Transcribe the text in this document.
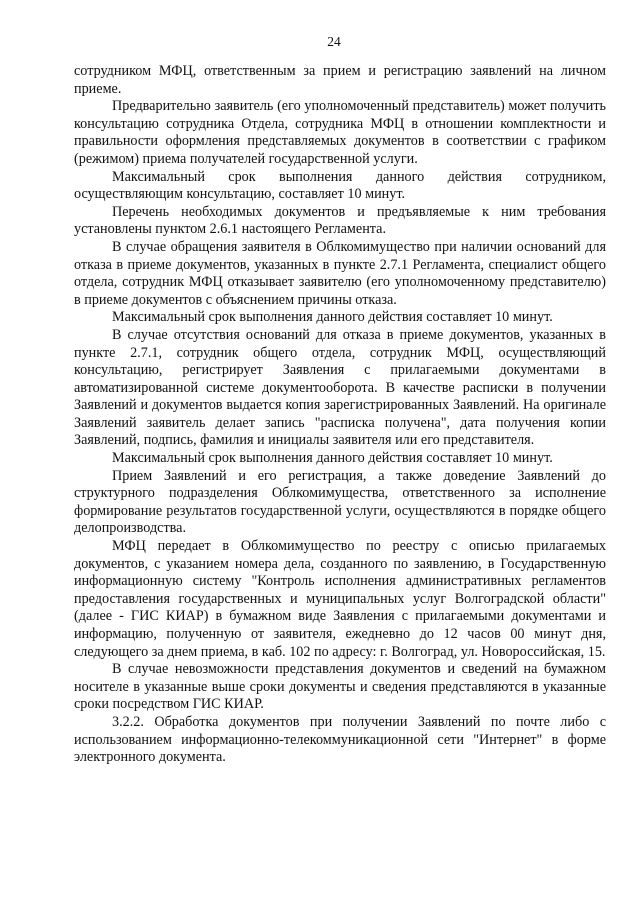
24

сотрудником МФЦ, ответственным за прием и регистрацию заявлений на личном приеме.

Предварительно заявитель (его уполномоченный представитель) может получить консультацию сотрудника Отдела, сотрудника МФЦ в отношении комплектности и правильности оформления представляемых документов в соответствии с графиком (режимом) приема получателей государственной услуги.

Максимальный срок выполнения данного действия сотрудником, осуществляющим консультацию, составляет 10 минут.

Перечень необходимых документов и предъявляемые к ним требования установлены пунктом 2.6.1 настоящего Регламента.

В случае обращения заявителя в Облкомимущество при наличии оснований для отказа в приеме документов, указанных в пункте 2.7.1 Регламента, специалист общего отдела, сотрудник МФЦ отказывает заявителю (его уполномоченному представителю) в приеме документов с объяснением причины отказа.

Максимальный срок выполнения данного действия составляет 10 минут.

В случае отсутствия оснований для отказа в приеме документов, указанных в пункте 2.7.1, сотрудник общего отдела, сотрудник МФЦ, осуществляющий консультацию, регистрирует Заявления с прилагаемыми документами в автоматизированной системе документооборота. В качестве расписки в получении Заявлений и документов выдается копия зарегистрированных Заявлений. На оригинале Заявлений заявитель делает запись "расписка получена", дата получения копии Заявлений, подпись, фамилия и инициалы заявителя или его представителя.

Максимальный срок выполнения данного действия составляет 10 минут.

Прием Заявлений и его регистрация, а также доведение Заявлений до структурного подразделения Облкомимущества, ответственного за исполнение формирование результатов государственной услуги, осуществляются в порядке общего делопроизводства.

МФЦ передает в Облкомимущество по реестру с описью прилагаемых документов, с указанием номера дела, созданного по заявлению, в Государственную информационную систему "Контроль исполнения административных регламентов предоставления государственных и муниципальных услуг Волгоградской области" (далее - ГИС КИАР) в бумажном виде Заявления с прилагаемыми документами и информацию, полученную от заявителя, ежедневно до 12 часов 00 минут дня, следующего за днем приема, в каб. 102 по адресу: г. Волгоград, ул. Новороссийская, 15.

В случае невозможности представления документов и сведений на бумажном носителе в указанные выше сроки документы и сведения представляются в указанные сроки посредством ГИС КИАР.

3.2.2. Обработка документов при получении Заявлений по почте либо с использованием информационно-телекоммуникационной сети "Интернет" в форме электронного документа.
